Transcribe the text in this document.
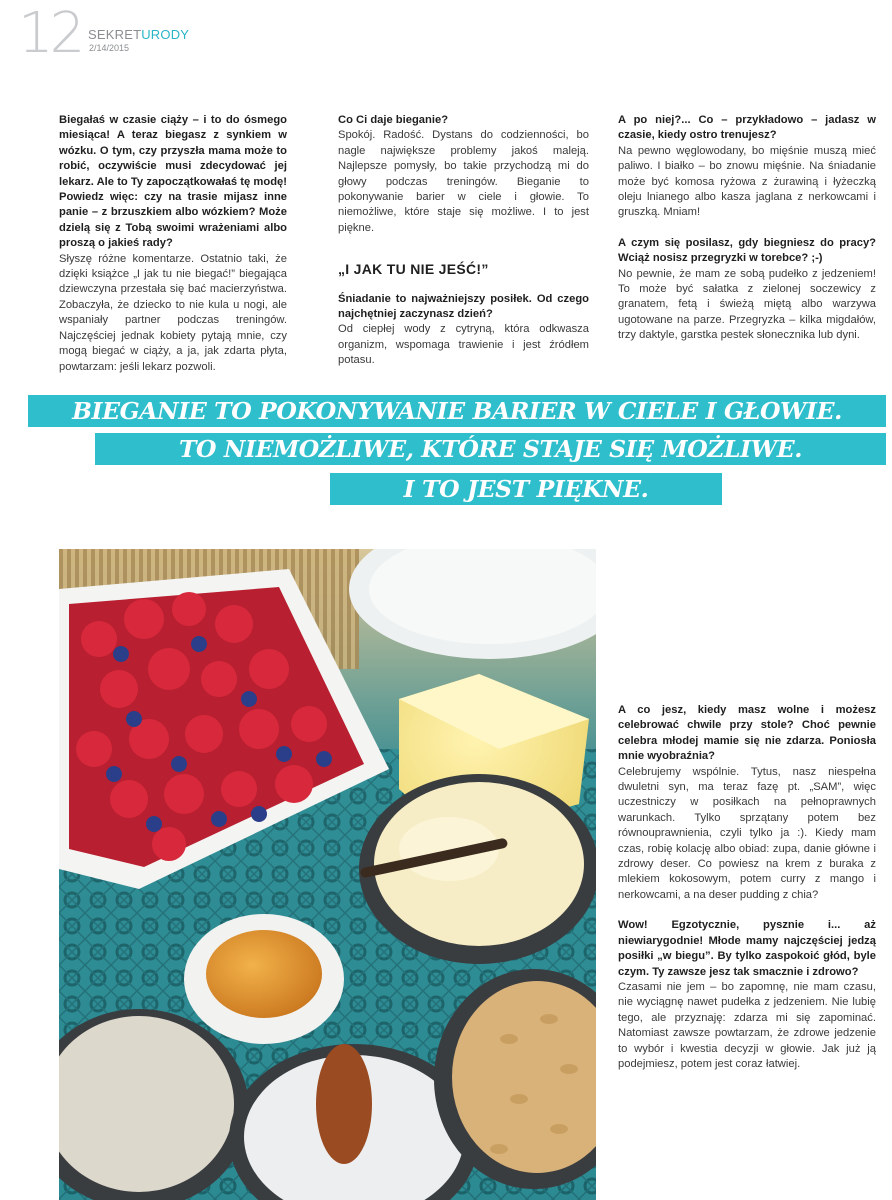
12 SEKRETURODY
2/14/2015

Biegałaś w czasie ciąży – i to do ósmego miesiąca! A teraz biegasz z synkiem w wózku. O tym, czy przyszła mama może to robić, oczywiście musi zdecydować jej lekarz. Ale to Ty zapoczątkowałaś tę modę! Powiedz więc: czy na trasie mijasz inne panie – z brzuszkiem albo wózkiem? Może dzielą się z Tobą swoimi wrażeniami albo proszą o jakieś rady?

Słyszę różne komentarze. Ostatnio taki, że dzięki książce „I jak tu nie biegać!” biegająca dziewczyna przestała się bać macierzyństwa. Zobaczyła, że dziecko to nie kula u nogi, ale wspaniały partner podczas treningów. Najczęściej jednak kobiety pytają mnie, czy mogą biegać w ciąży, a ja, jak zdarta płyta, powtarzam: jeśli lekarz pozwoli.

Co Ci daje bieganie?

Spokój. Radość. Dystans do codzienności, bo nagle największe problemy jakoś maleją. Najlepsze pomysły, bo takie przychodzą mi do głowy podczas treningów. Bieganie to pokonywanie barier w ciele i głowie. To niemożliwe, które staje się możliwe. I to jest piękne.

„I JAK TU NIE JEŚĆ!”

Śniadanie to najważniejszy posiłek. Od czego najchętniej zaczynasz dzień?

Od ciepłej wody z cytryną, która odkwasza organizm, wspomaga trawienie i jest źródłem potasu.

A po niej?... Co – przykładowo – jadasz w czasie, kiedy ostro trenujesz?

Na pewno węglowodany, bo mięśnie muszą mieć paliwo. I białko – bo znowu mięśnie. Na śniadanie może być komosa ryżowa z żurawiną i łyżeczką oleju lnianego albo kasza jaglana z nerkowcami i gruszką. Mniam!

A czym się posilasz, gdy biegniesz do pracy? Wciąż nosisz przegryzki w torebce? ;-)

No pewnie, że mam ze sobą pudełko z jedzeniem! To może być sałatka z zielonej soczewicy z granatem, fetą i świeżą miętą albo warzywa ugotowane na parze. Przegryzka – kilka migdałów, trzy daktyle, garstka pestek słonecznika lub dyni.

BIEGANIE TO POKONYWANIE BARIER W CIELE I GŁOWIE.
TO NIEMOŻLIWE, KTÓRE STAJE SIĘ MOŻLIWE.
I TO JEST PIĘKNE.

A co jesz, kiedy masz wolne i możesz celebrować chwile przy stole? Choć pewnie celebra młodej mamie się nie zdarza. Poniosła mnie wyobraźnia?

Celebrujemy wspólnie. Tytus, nasz niespełna dwuletni syn, ma teraz fazę pt. „SAM”, więc uczestniczy w posiłkach na pełnoprawnych warunkach. Tylko sprzątany potem bez równouprawnienia, czyli tylko ja :). Kiedy mam czas, robię kolację albo obiad: zupa, danie główne i zdrowy deser. Co powiesz na krem z buraka z mlekiem kokosowym, potem curry z mango i nerkowcami, a na deser pudding z chia?

Wow! Egzotycznie, pysznie i... aż niewiarygodnie! Młode mamy najczęściej jedzą posiłki „w biegu”. By tylko zaspokoić głód, byle czym. Ty zawsze jesz tak smacznie i zdrowo?

Czasami nie jem – bo zapomnę, nie mam czasu, nie wyciągnę nawet pudełka z jedzeniem. Nie lubię tego, ale przyznaję: zdarza mi się zapominać. Natomiast zawsze powtarzam, że zdrowe jedzenie to wybór i kwestia decyzji w głowie. Jak już ją podejmiesz, potem jest coraz łatwiej.
